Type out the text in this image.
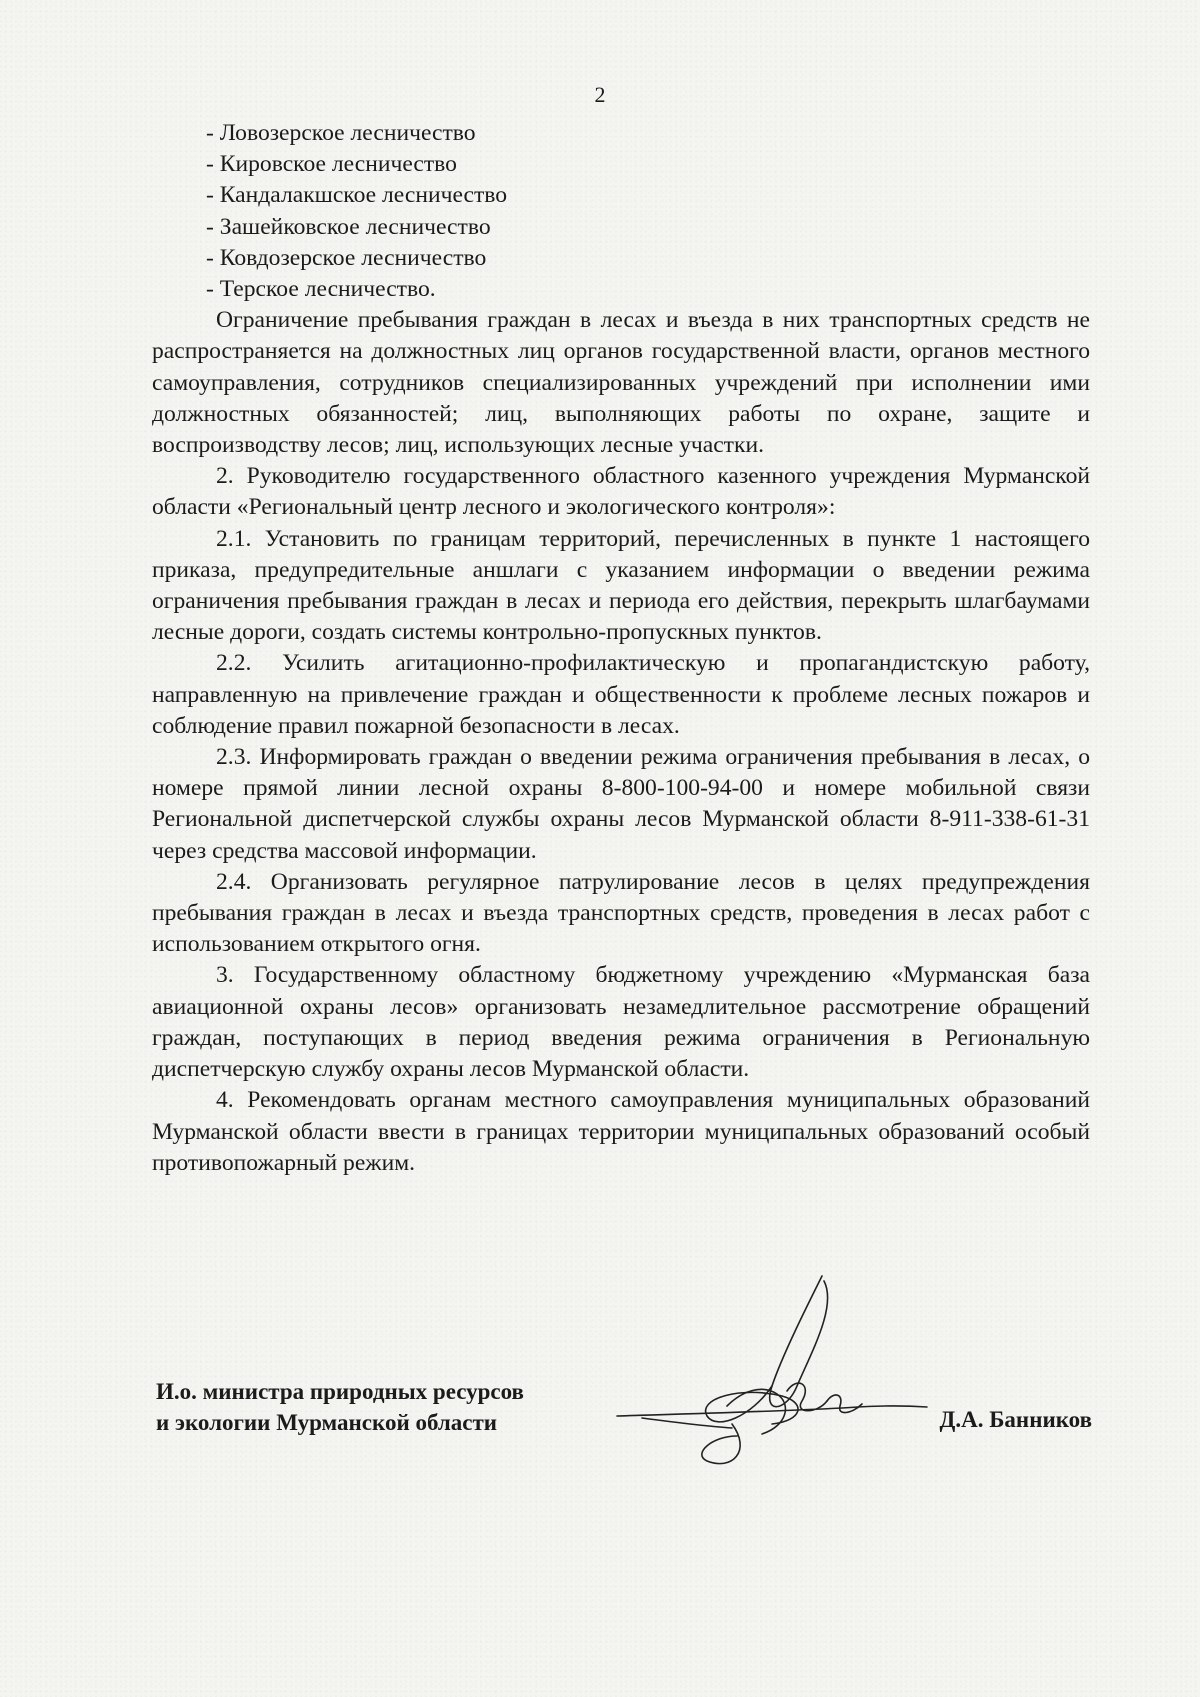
2

- Ловозерское лесничество

- Кировское лесничество

- Кандалакшское лесничество

- Зашейковское лесничество

- Ковдозерское лесничество

- Терское лесничество.

Ограничение пребывания граждан в лесах и въезда в них транспортных средств не распространяется на должностных лиц органов государственной власти, органов местного самоуправления, сотрудников специализированных учреждений при исполнении ими должностных обязанностей; лиц, выполняющих работы по охране, защите и воспроизводству лесов; лиц, использующих лесные участки.

2. Руководителю государственного областного казенного учреждения Мурманской области «Региональный центр лесного и экологического контроля»:

2.1. Установить по границам территорий, перечисленных в пункте 1 настоящего приказа, предупредительные аншлаги с указанием информации о введении режима ограничения пребывания граждан в лесах и периода его действия, перекрыть шлагбаумами лесные дороги, создать системы контрольно-пропускных пунктов.

2.2. Усилить агитационно-профилактическую и пропагандистскую работу, направленную на привлечение граждан и общественности к проблеме лесных пожаров и соблюдение правил пожарной безопасности в лесах.

2.3. Информировать граждан о введении режима ограничения пребывания в лесах, о номере прямой линии лесной охраны 8-800-100-94-00 и номере мобильной связи Региональной диспетчерской службы охраны лесов Мурманской области 8-911-338-61-31 через средства массовой информации.

2.4. Организовать регулярное патрулирование лесов в целях предупреждения пребывания граждан в лесах и въезда транспортных средств, проведения в лесах работ с использованием открытого огня.

3. Государственному областному бюджетному учреждению «Мурманская база авиационной охраны лесов» организовать незамедлительное рассмотрение обращений граждан, поступающих в период введения режима ограничения в Региональную диспетчерскую службу охраны лесов Мурманской области.

4. Рекомендовать органам местного самоуправления муниципальных образований Мурманской области ввести в границах территории муниципальных образований особый противопожарный режим.

И.о. министра природных ресурсов
и экологии Мурманской области	Д.А. Банников
